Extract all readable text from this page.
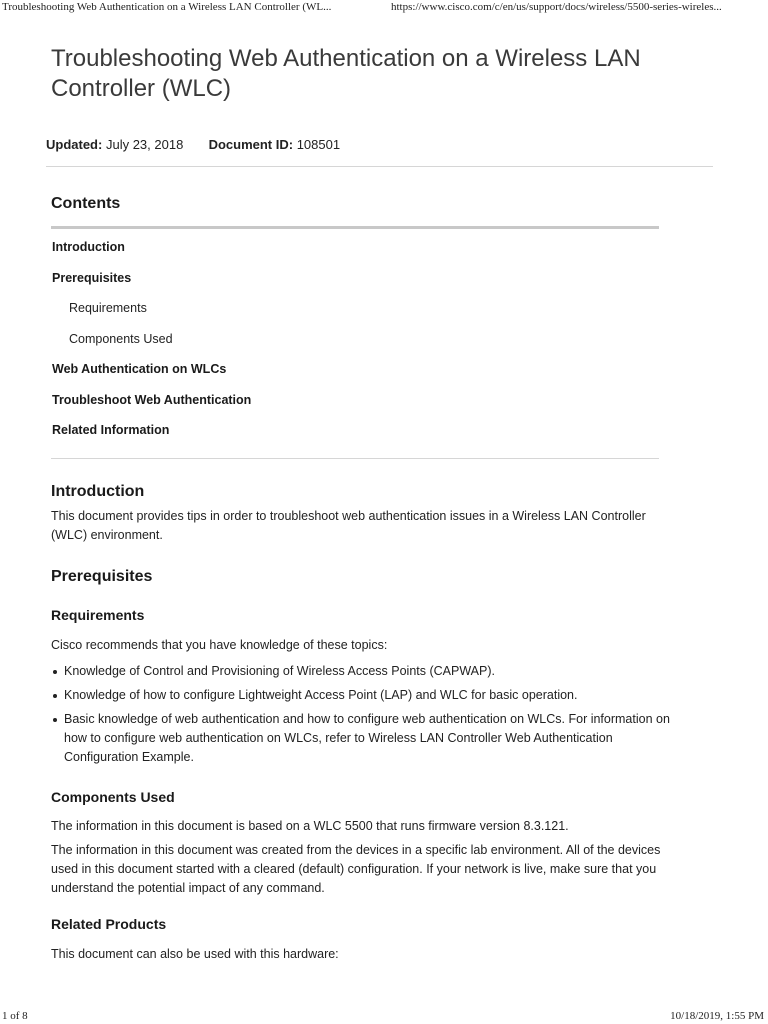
Troubleshooting Web Authentication on a Wireless LAN Controller (WL...	https://www.cisco.com/c/en/us/support/docs/wireless/5500-series-wireles...
Troubleshooting Web Authentication on a Wireless LAN Controller (WLC)
Updated: July 23, 2018 Document ID: 108501
Contents
Introduction
Prerequisites
Requirements
Components Used
Web Authentication on WLCs
Troubleshoot Web Authentication
Related Information
Introduction

This document provides tips in order to troubleshoot web authentication issues in a Wireless LAN Controller (WLC) environment.

Prerequisites
Requirements

Cisco recommends that you have knowledge of these topics:

Knowledge of Control and Provisioning of Wireless Access Points (CAPWAP).
Knowledge of how to configure Lightweight Access Point (LAP) and WLC for basic operation.
Basic knowledge of web authentication and how to configure web authentication on WLCs. For information on how to configure web authentication on WLCs, refer to Wireless LAN Controller Web Authentication Configuration Example.
Components Used

The information in this document is based on a WLC 5500 that runs firmware version 8.3.121.

The information in this document was created from the devices in a specific lab environment. All of the devices used in this document started with a cleared (default) configuration. If your network is live, make sure that you understand the potential impact of any command.

Related Products

This document can also be used with this hardware:

1 of 8	10/18/2019, 1:55 PM
